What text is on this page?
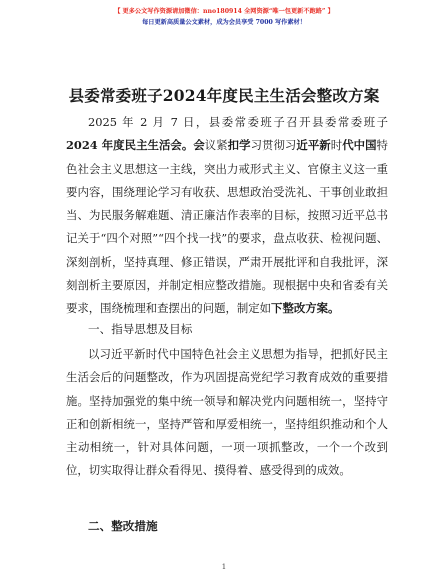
【 更多公文写作资源请加微信：nno180914 全网资源“唯一包更新不跑路” 】
每日更新高质量公文素材，成为会员享受 7000 写作素材！
县委常委班子2024年度民主生活会整改方案
2025 年 2 月 7 日，县委常委班子召开县委常委班子 2024 年度民主生活会。会议紧扣学习贯彻习近平新时代中国特色社会主义思想这一主线，突出力戒形式主义、官僚主义这一重要内容，围绕理论学习有收获、思想政治受洗礼、干事创业敢担当、为民服务解难题、清正廉洁作表率的目标，按照习近平总书记关于“四个对照”“四个找一找”的要求，盘点收获、检视问题、深刻剖析，坚持真理、修正错误，严肃开展批评和自我批评，深刻剖析主要原因，并制定相应整改措施。现根据中央和省委有关要求，围绕梳理和查摆出的问题，制定如下整改方案。
一、指导思想及目标
以习近平新时代中国特色社会主义思想为指导，把抓好民主生活会后的问题整改，作为巩固提高党纪学习教育成效的重要措施。坚持加强党的集中统一领导和解决党内问题相统一，坚持守正和创新相统一，坚持严管和厚爱相统一，坚持组织推动和个人主动相统一，针对具体问题，一项一项抓整改，一个一个改到位，切实取得让群众看得见、摸得着、感受得到的成效。
二、整改措施
1
